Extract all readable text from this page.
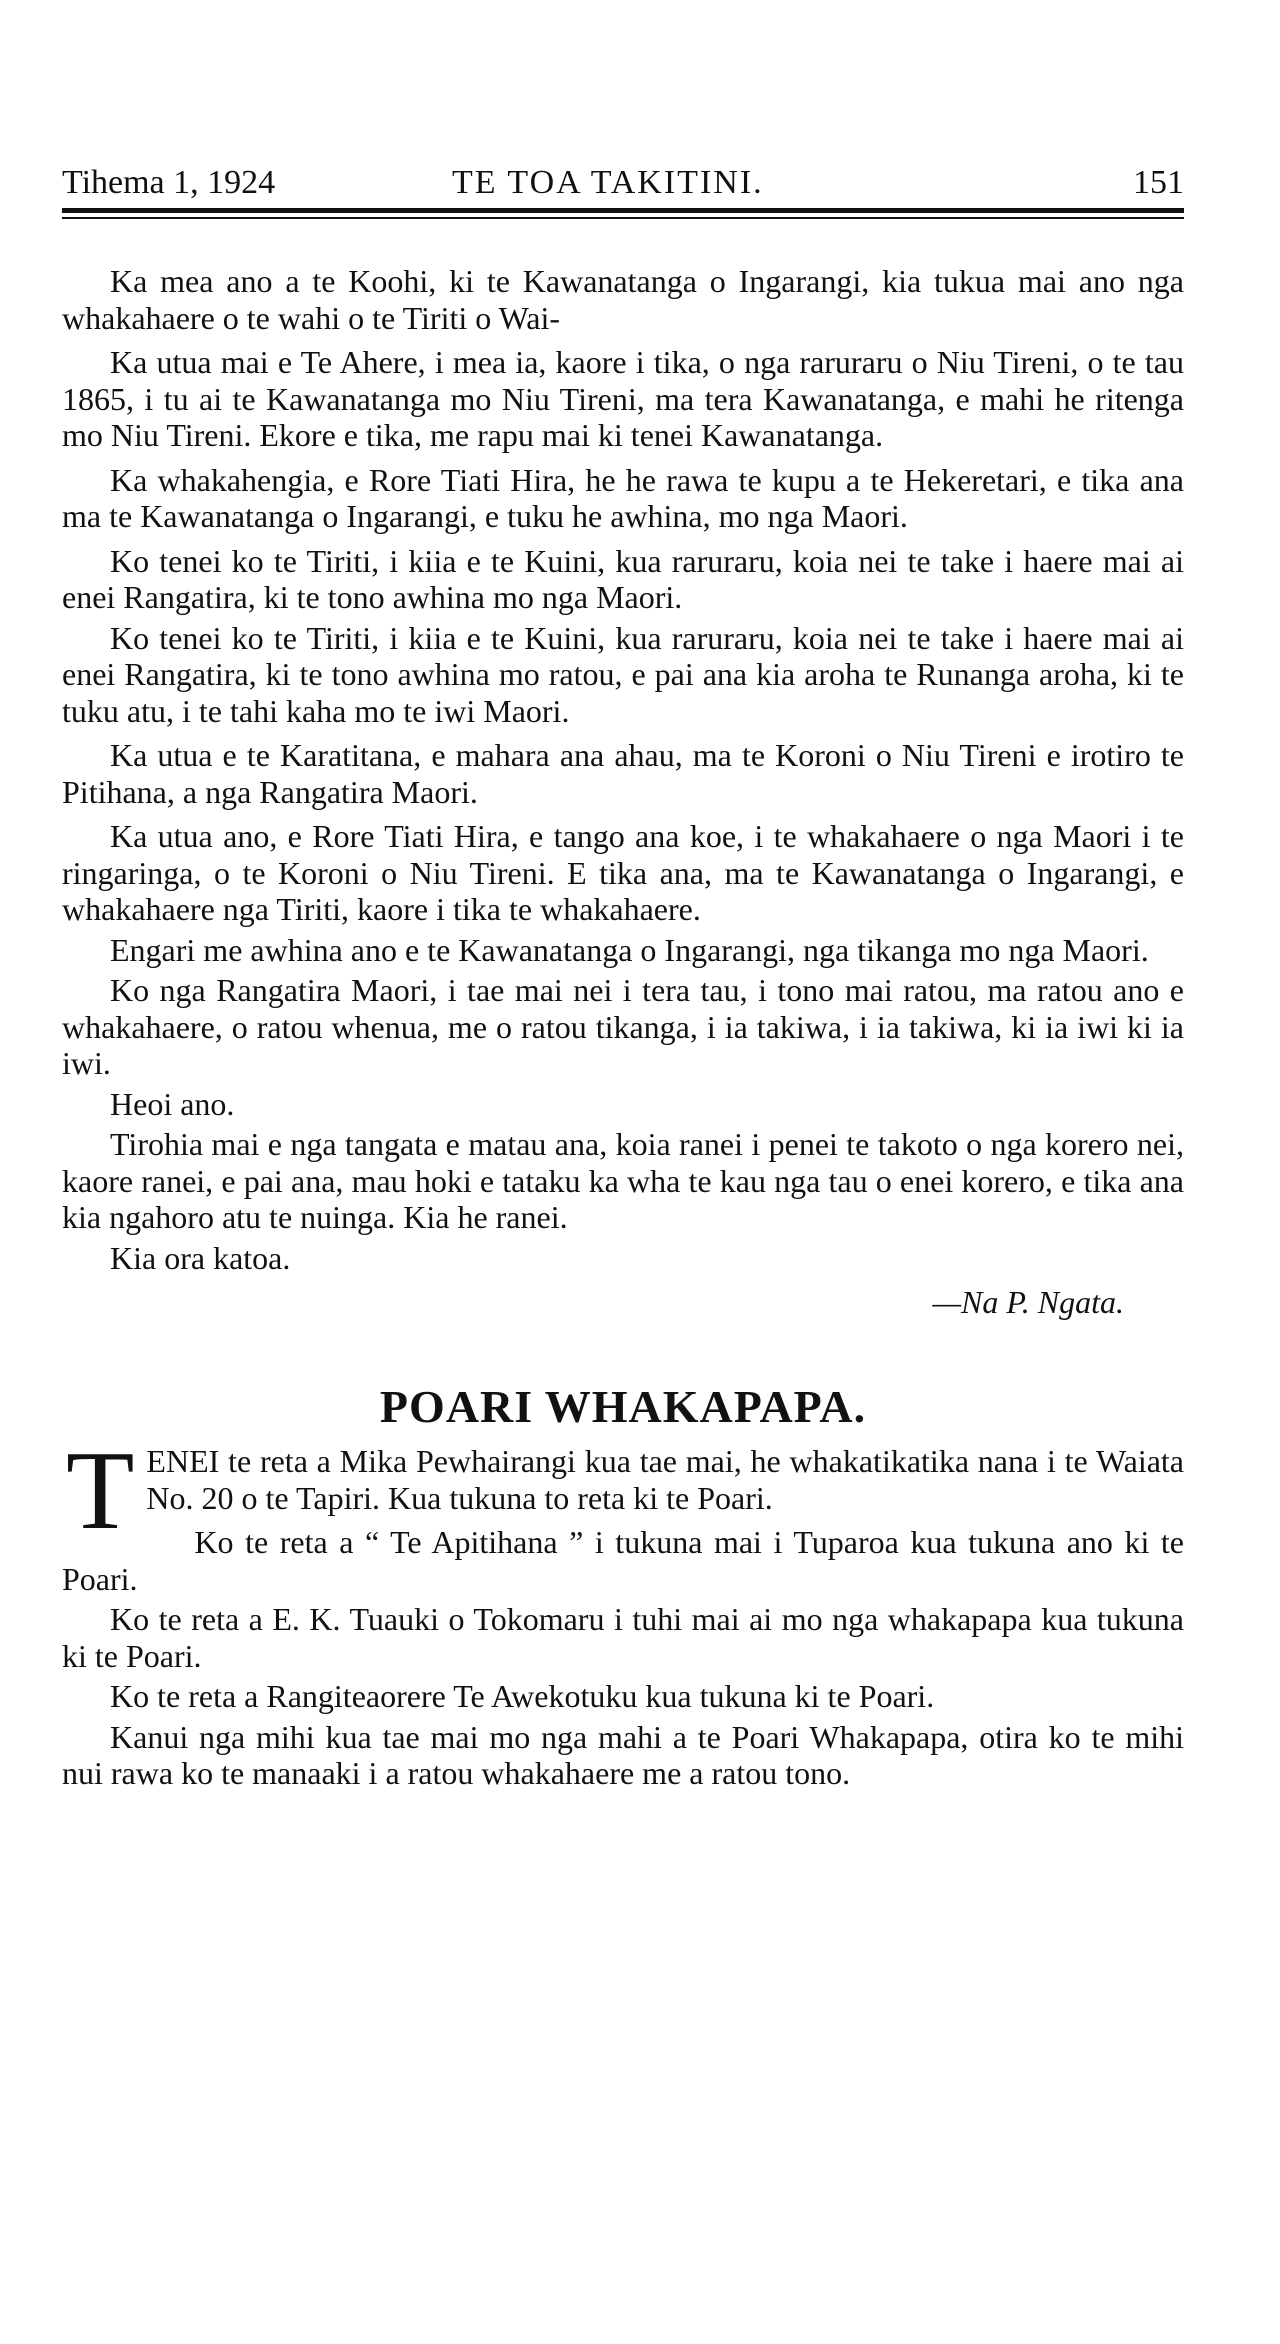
Tihema 1, 1924	TE TOA TAKITINI.	151

Ka mea ano a te Koohi, ki te Kawanatanga o Ingarangi, kia tukua mai ano nga whakahaere o te wahi o te Tiriti o Wai-

Ka utua mai e Te Ahere, i mea ia, kaore i tika, o nga raruraru o Niu Tireni, o te tau 1865, i tu ai te Kawanatanga mo Niu Tireni, ma tera Kawanatanga, e mahi he ritenga mo Niu Tireni. Ekore e tika, me rapu mai ki tenei Kawanatanga.

Ka whakahengia, e Rore Tiati Hira, he he rawa te kupu a te Hekeretari, e tika ana ma te Kawanatanga o Ingarangi, e tuku he awhina, mo nga Maori.

Ko tenei ko te Tiriti, i kiia e te Kuini, kua raruraru, koia nei te take i haere mai ai enei Rangatira, ki te tono awhina mo nga Maori.

Ko tenei ko te Tiriti, i kiia e te Kuini, kua raruraru, koia nei te take i haere mai ai enei Rangatira, ki te tono awhina mo ratou, e pai ana kia aroha te Runanga aroha, ki te tuku atu, i te tahi kaha mo te iwi Maori.

Ka utua e te Karatitana, e mahara ana ahau, ma te Koroni o Niu Tireni e irotiro te Pitihana, a nga Rangatira Maori.

Ka utua ano, e Rore Tiati Hira, e tango ana koe, i te whakahaere o nga Maori i te ringaringa, o te Koroni o Niu Tireni. E tika ana, ma te Kawanatanga o Ingarangi, e whakahaere nga Tiriti, kaore i tika te whakahaere.

Engari me awhina ano e te Kawanatanga o Ingarangi, nga tikanga mo nga Maori.

Ko nga Rangatira Maori, i tae mai nei i tera tau, i tono mai ratou, ma ratou ano e whakahaere, o ratou whenua, me o ratou tikanga, i ia takiwa, i ia takiwa, ki ia iwi ki ia iwi.

Heoi ano.

Tirohia mai e nga tangata e matau ana, koia ranei i penei te takoto o nga korero nei, kaore ranei, e pai ana, mau hoki e tataku ka wha te kau nga tau o enei korero, e tika ana kia ngahoro atu te nuinga. Kia he ranei.

Kia ora katoa.

—Na P. Ngata.
POARI WHAKAPAPA.

TENEI te reta a Mika Pewhairangi kua tae mai, he whakatikatika nana i te Waiata No. 20 o te Tapiri. Kua tukuna to reta ki te Poari.

Ko te reta a “ Te Apitihana ” i tukuna mai i Tuparoa kua tukuna ano ki te Poari.

Ko te reta a E. K. Tuauki o Tokomaru i tuhi mai ai mo nga whakapapa kua tukuna ki te Poari.

Ko te reta a Rangiteaorere Te Awekotuku kua tukuna ki te Poari.

Kanui nga mihi kua tae mai mo nga mahi a te Poari Whakapapa, otira ko te mihi nui rawa ko te manaaki i a ratou whakahaere me a ratou tono.
